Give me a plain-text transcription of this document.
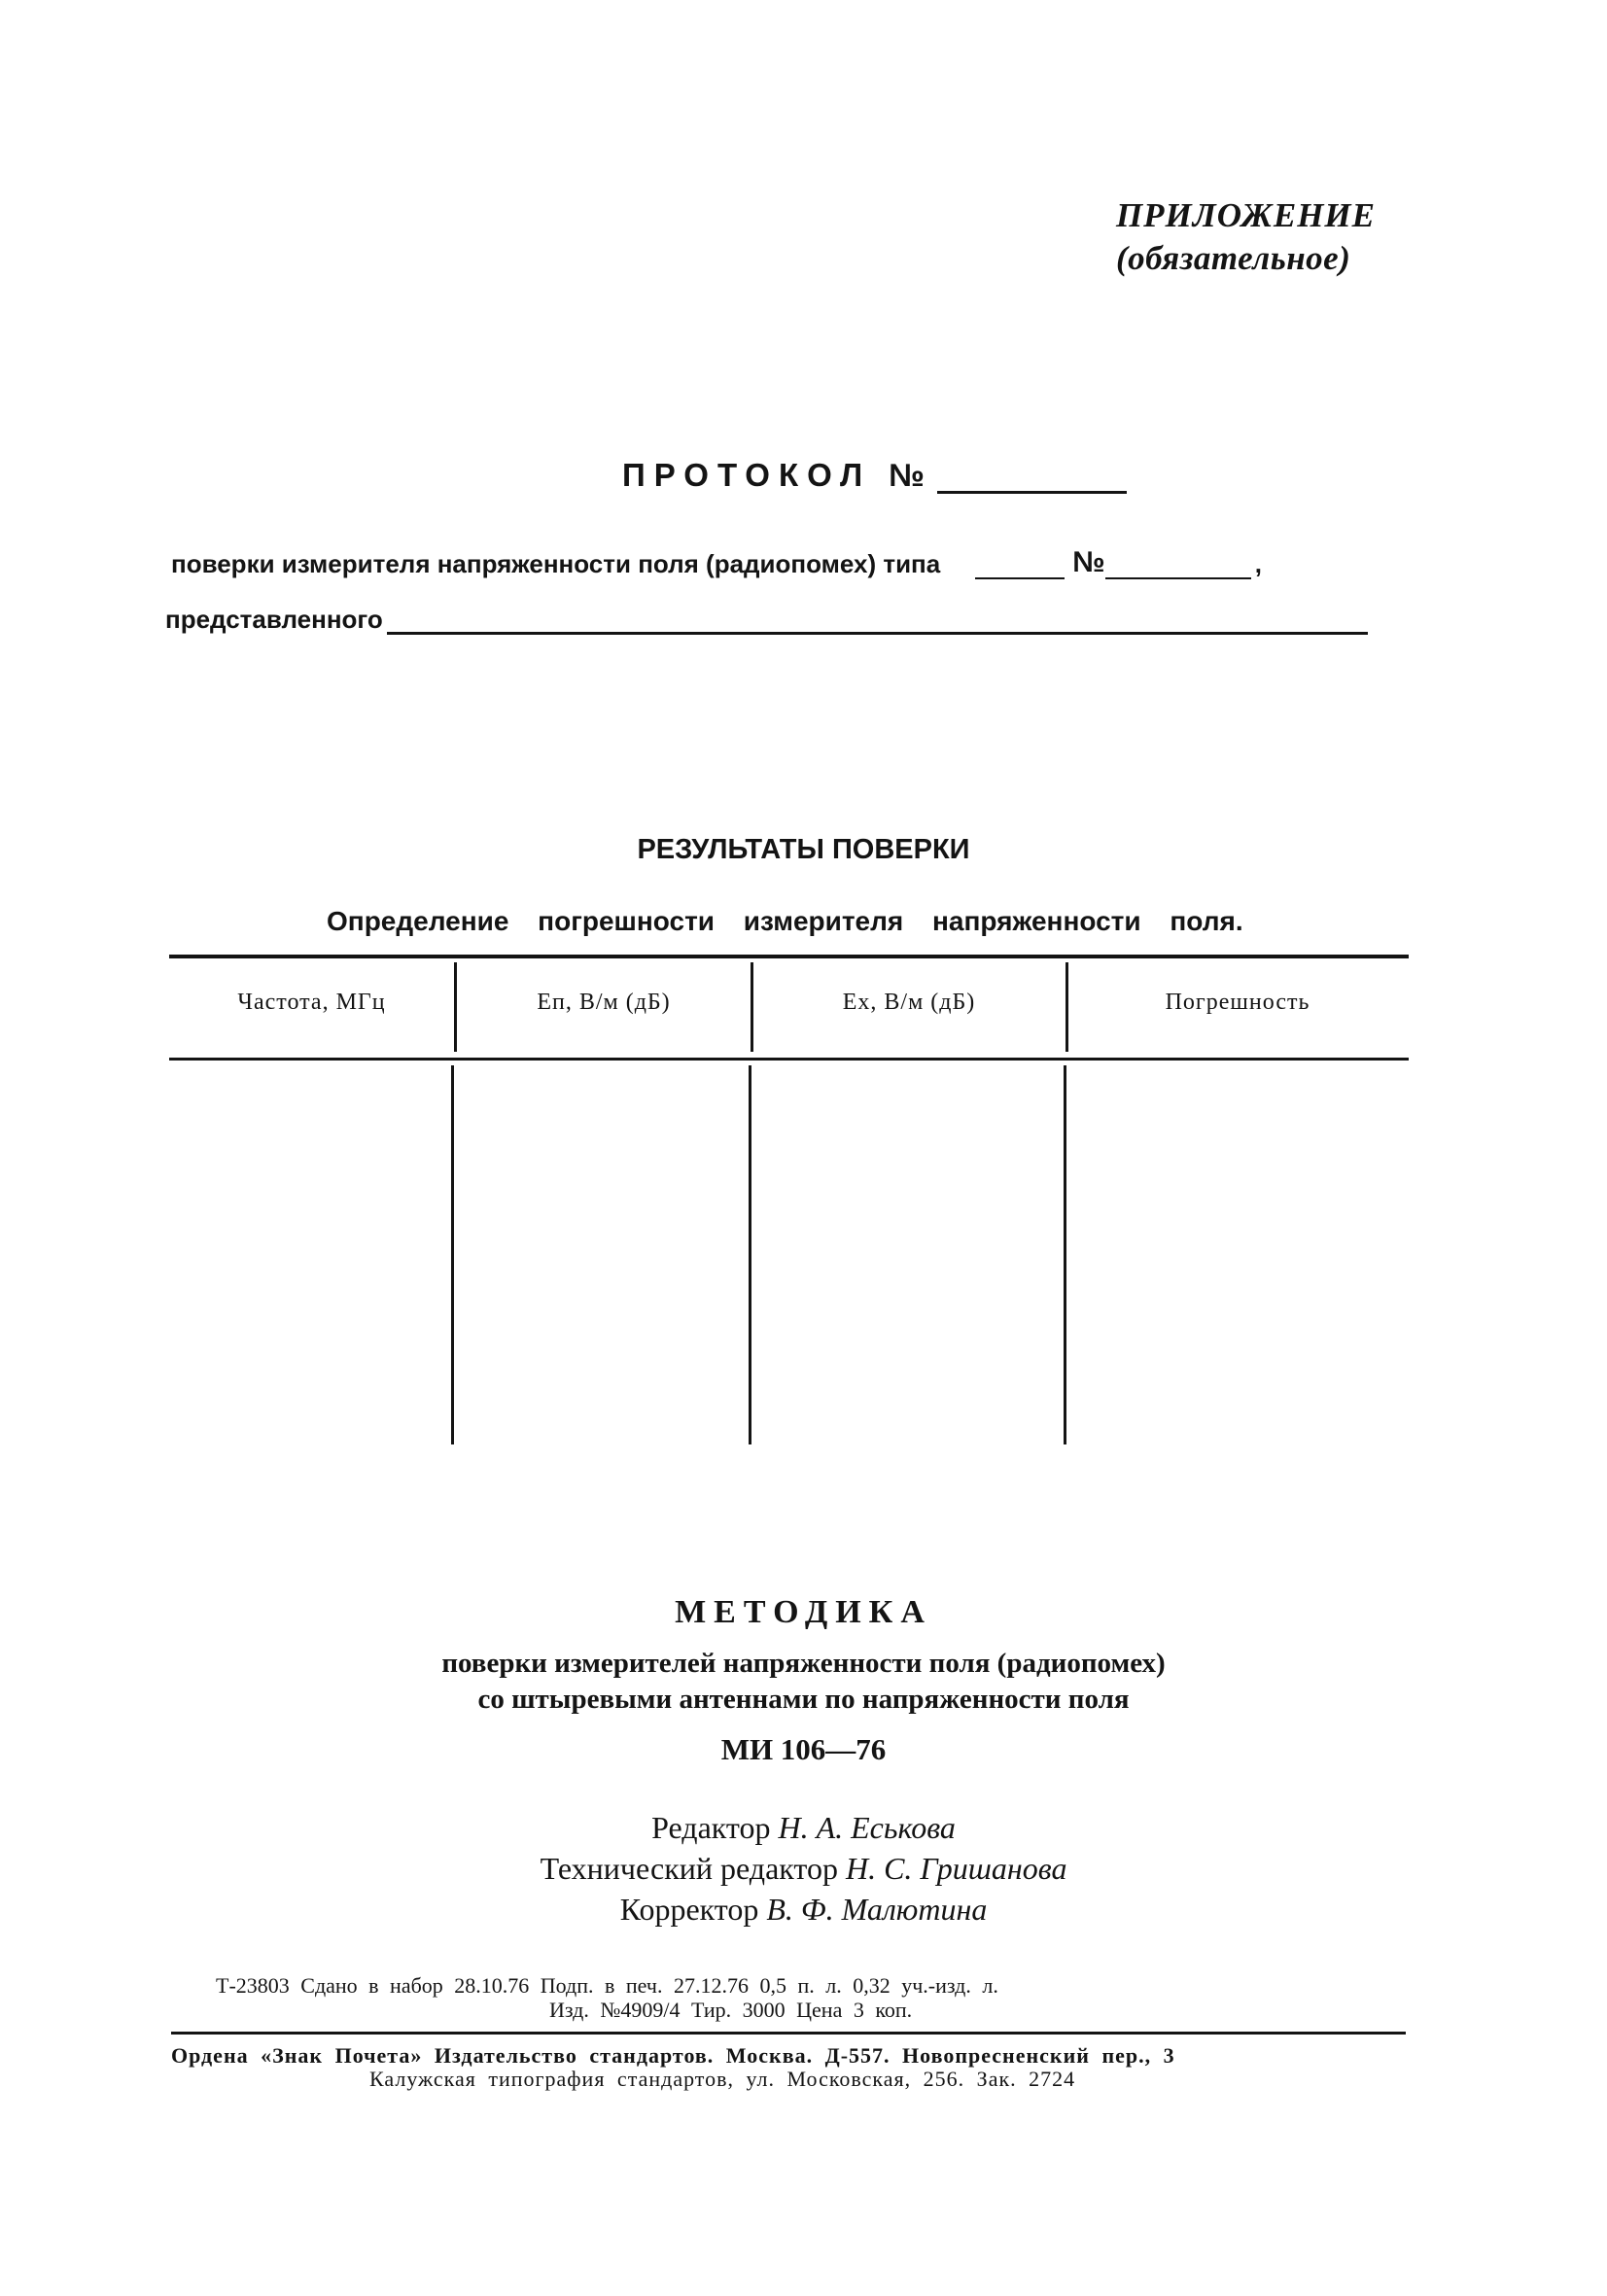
ПРИЛОЖЕНИЕ
(обязательное)
ПРОТОКОЛ №
поверки измерителя напряженности поля (радиопомех) типа	№	,
представленного
РЕЗУЛЬТАТЫ ПОВЕРКИ
Определение погрешности измерителя напряженности поля.
Частота, МГц	Eп, В/м (дБ)	Eх, В/м (дБ)	Погрешность
МЕТОДИКА
поверки измерителей напряженности поля (радиопомех)
со штыревыми антеннами по напряженности поля
МИ 106—76
Редактор Н. А. Еськова
Технический редактор Н. С. Гришанова
Корректор В. Ф. Малютина
Т-23803 Сдано в набор 28.10.76 Подп. в печ. 27.12.76 0,5 п. л. 0,32 уч.-изд. л.
Изд. №4909/4 Тир. 3000 Цена 3 коп.
Ордена «Знак Почета» Издательство стандартов. Москва. Д-557. Новопресненский пер., 3
Калужская типография стандартов, ул. Московская, 256. Зак. 2724
